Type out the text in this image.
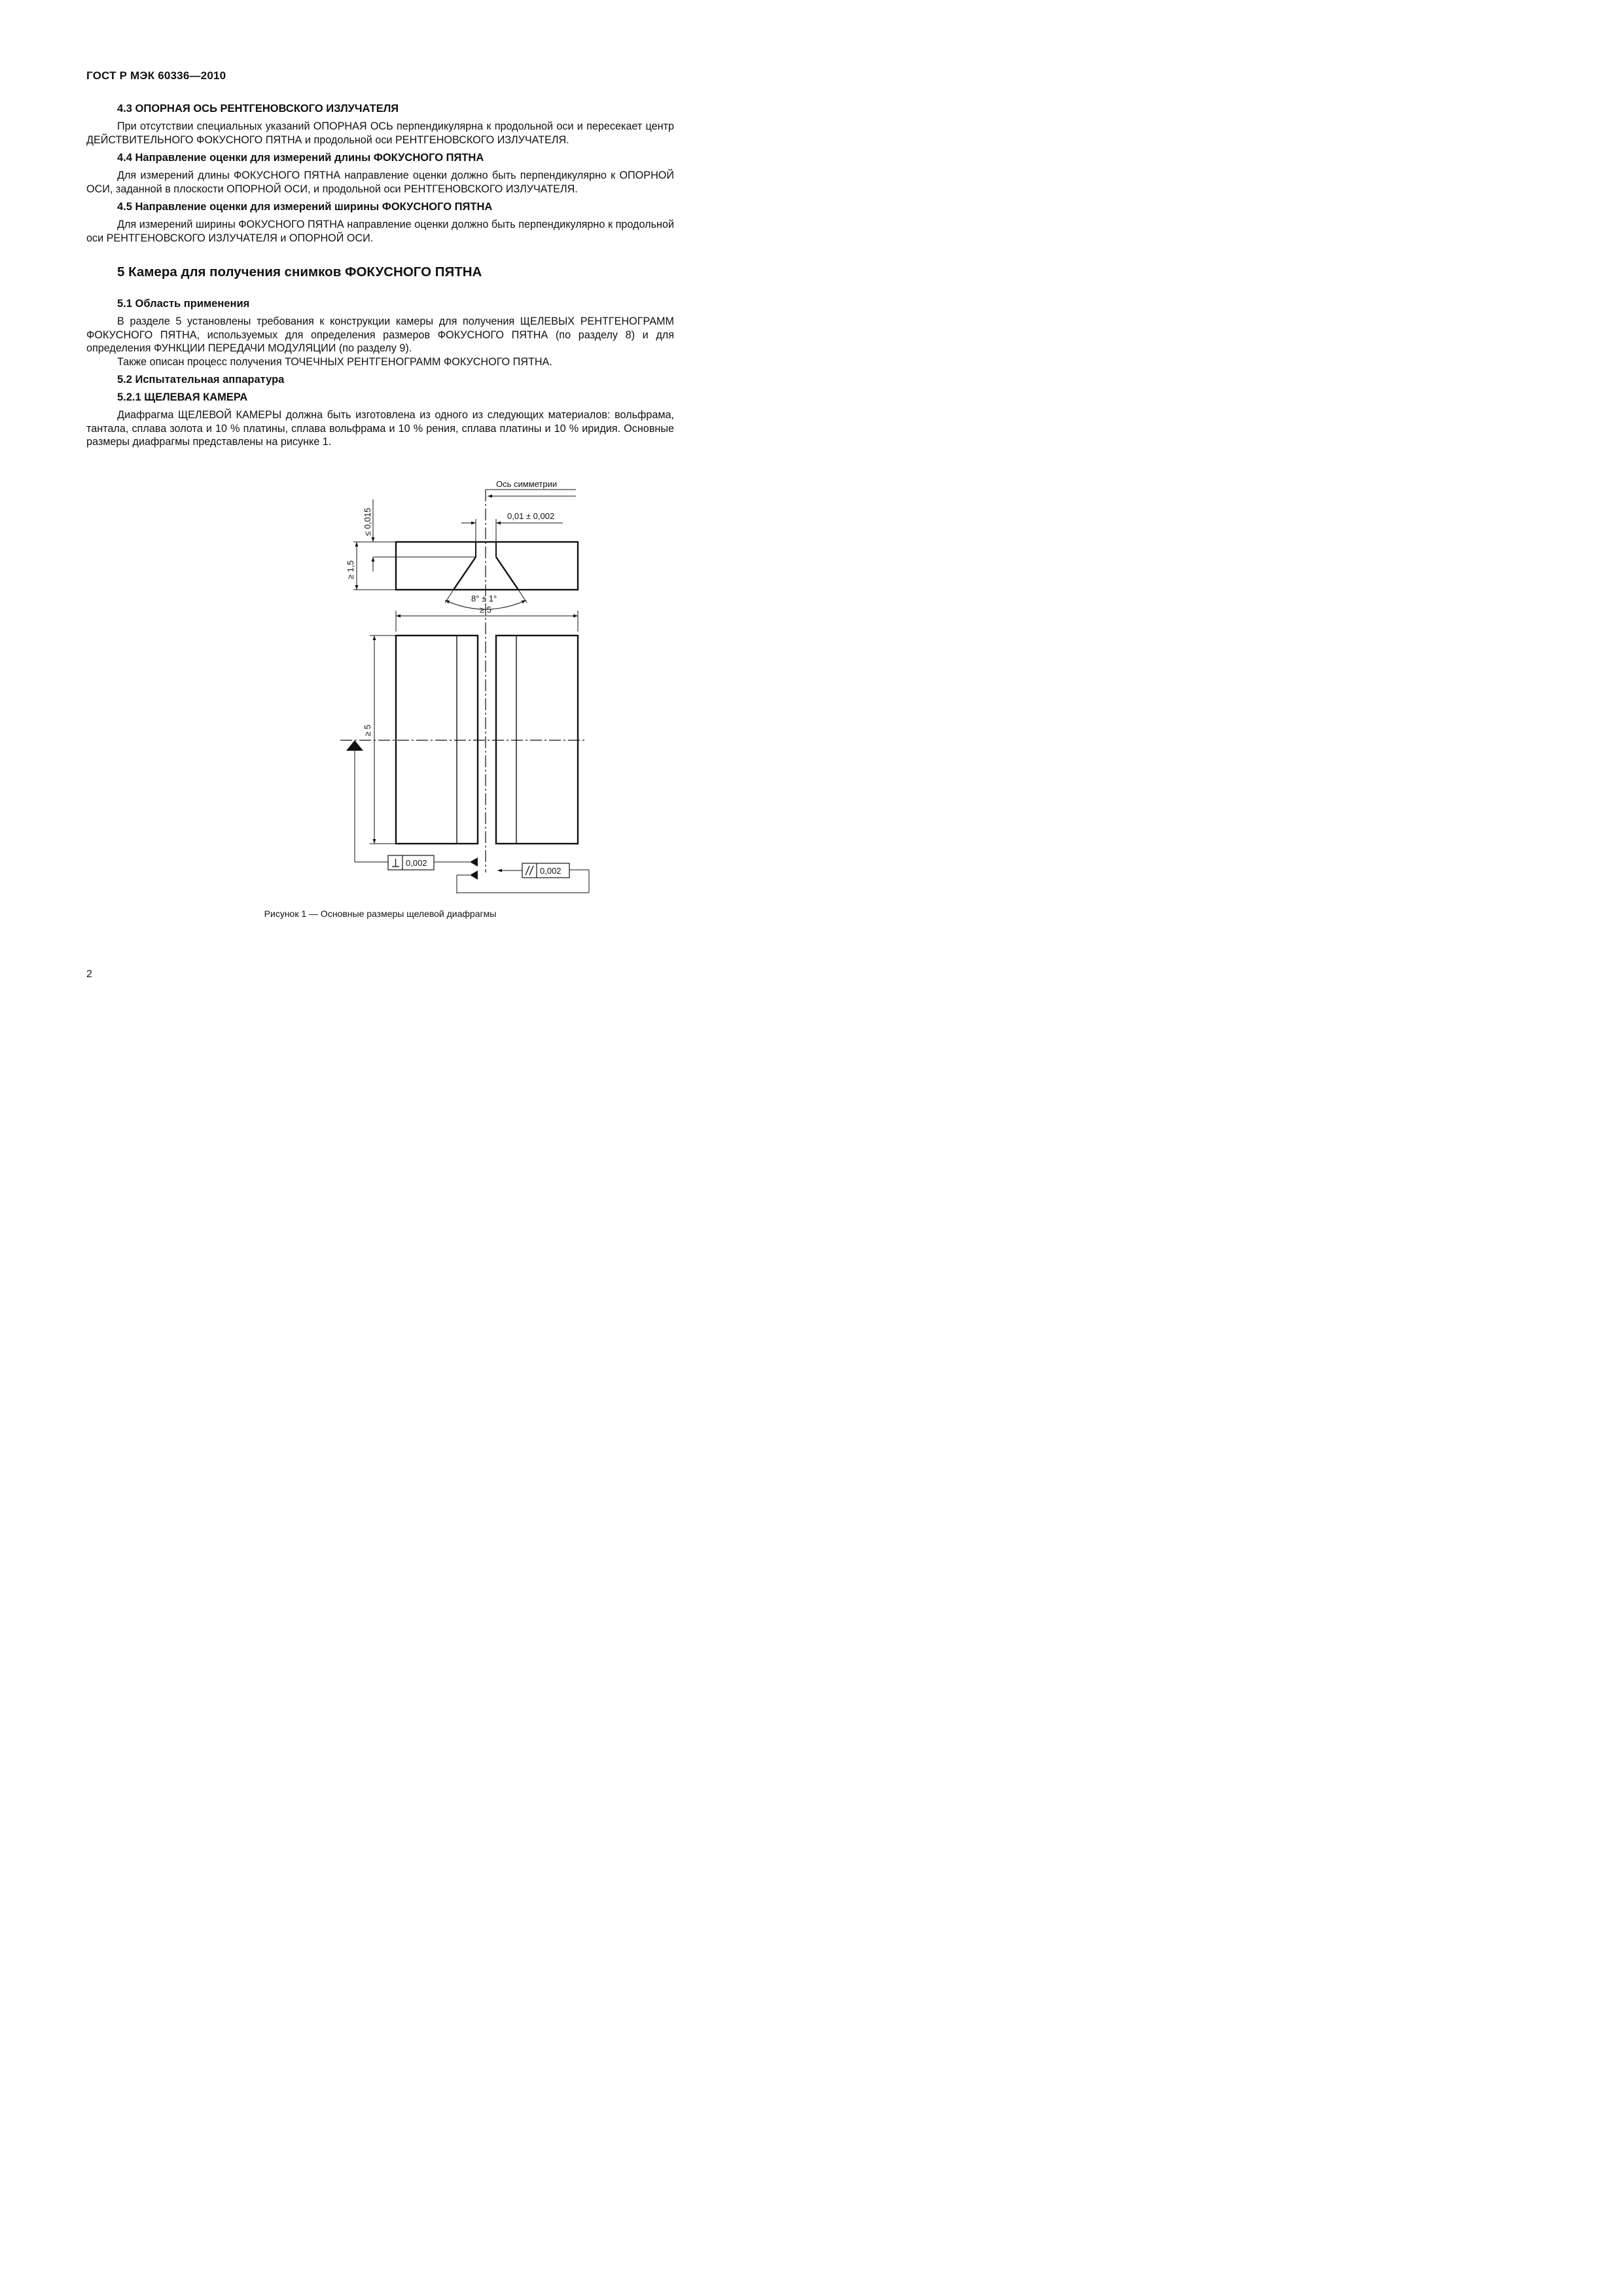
ГОСТ Р МЭК 60336—2010
4.3 ОПОРНАЯ ОСЬ РЕНТГЕНОВСКОГО ИЗЛУЧАТЕЛЯ

При отсутствии специальных указаний ОПОРНАЯ ОСЬ перпендикулярна к продольной оси и пересекает центр ДЕЙСТВИТЕЛЬНОГО ФОКУСНОГО ПЯТНА и продольной оси РЕНТГЕНОВСКОГО ИЗЛУЧАТЕЛЯ.

4.4 Направление оценки для измерений длины ФОКУСНОГО ПЯТНА

Для измерений длины ФОКУСНОГО ПЯТНА направление оценки должно быть перпендикулярно к ОПОРНОЙ ОСИ, заданной в плоскости ОПОРНОЙ ОСИ, и продольной оси РЕНТГЕНОВСКОГО ИЗЛУЧАТЕЛЯ.

4.5 Направление оценки для измерений ширины ФОКУСНОГО ПЯТНА

Для измерений ширины ФОКУСНОГО ПЯТНА направление оценки должно быть перпендикулярно к продольной оси РЕНТГЕНОВСКОГО ИЗЛУЧАТЕЛЯ и ОПОРНОЙ ОСИ.

5 Камера для получения снимков ФОКУСНОГО ПЯТНА
5.1 Область применения

В разделе 5 установлены требования к конструкции камеры для получения ЩЕЛЕВЫХ РЕНТГЕНОГРАММ ФОКУСНОГО ПЯТНА, используемых для определения размеров ФОКУСНОГО ПЯТНА (по разделу 8) и для определения ФУНКЦИИ ПЕРЕДАЧИ МОДУЛЯЦИИ (по разделу 9).

Также описан процесс получения ТОЧЕЧНЫХ РЕНТГЕНОГРАММ ФОКУСНОГО ПЯТНА.

5.2 Испытательная аппаратура
5.2.1 ЩЕЛЕВАЯ КАМЕРА

Диафрагма ЩЕЛЕВОЙ КАМЕРЫ должна быть изготовлена из одного из следующих материалов: вольфрама, тантала, сплава золота и 10 % платины, сплава вольфрама и 10 % рения, сплава платины и 10 % иридия. Основные размеры диафрагмы представлены на рисунке 1.

Ось симметрии
0,01 ± 0,002
≤ 0,015
≥ 1,5
8° ± 1°
≥ 5
≥ 5
0,002
0,002
Рисунок 1 — Основные размеры щелевой диафрагмы
2
